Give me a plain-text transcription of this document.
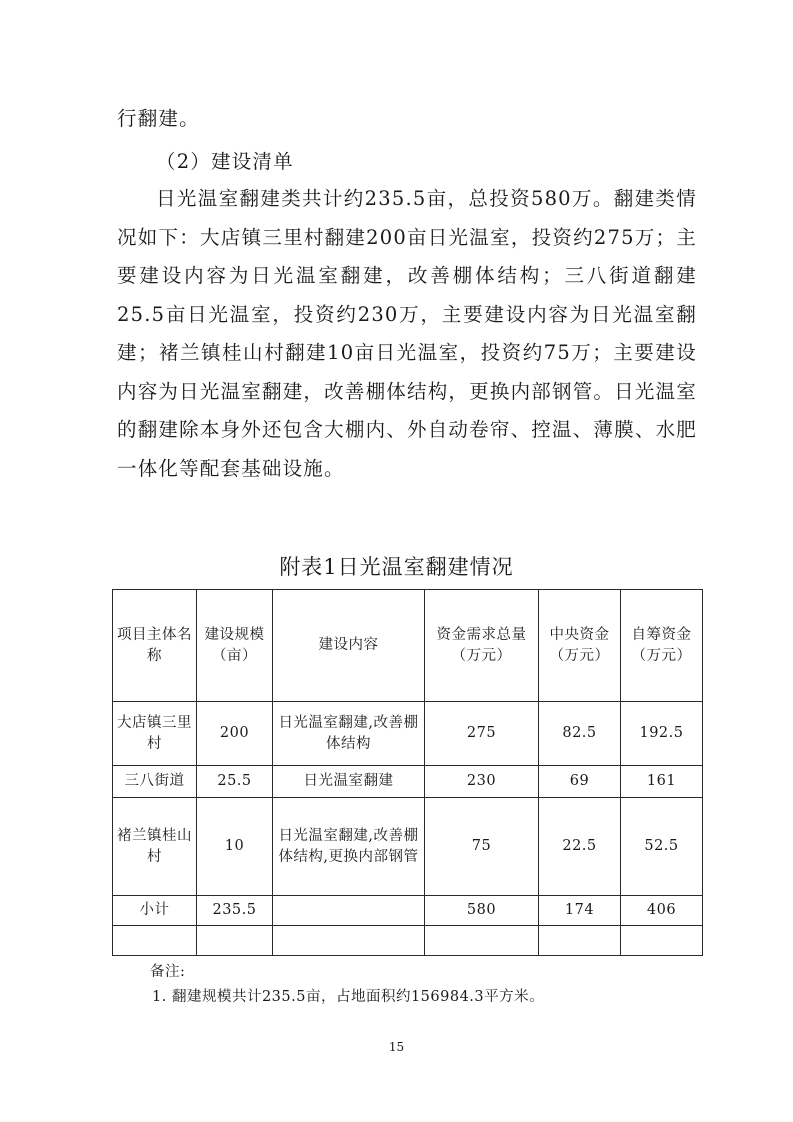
行翻建。

（2）建设清单

日光温室翻建类共计约235.5亩，总投资580万。翻建类情况如下：大店镇三里村翻建200亩日光温室，投资约275万；主要建设内容为日光温室翻建，改善棚体结构；三八街道翻建25.5亩日光温室，投资约230万，主要建设内容为日光温室翻建；褚兰镇桂山村翻建10亩日光温室，投资约75万；主要建设内容为日光温室翻建，改善棚体结构，更换内部钢管。日光温室的翻建除本身外还包含大棚内、外自动卷帘、控温、薄膜、水肥一体化等配套基础设施。

附表1日光温室翻建情况
项目主体名称	建设规模（亩）	建设内容	资金需求总量（万元）	中央资金（万元）	自筹资金（万元）
大店镇三里村	200	日光温室翻建,改善棚体结构	275	82.5	192.5
三八街道	25.5	日光温室翻建	230	69	161
褚兰镇桂山村	10	日光温室翻建,改善棚体结构,更换内部钢管	75	22.5	52.5
小计	235.5		580	174	406

备注:

1. 翻建规模共计235.5亩，占地面积约156984.3平方米。

15
